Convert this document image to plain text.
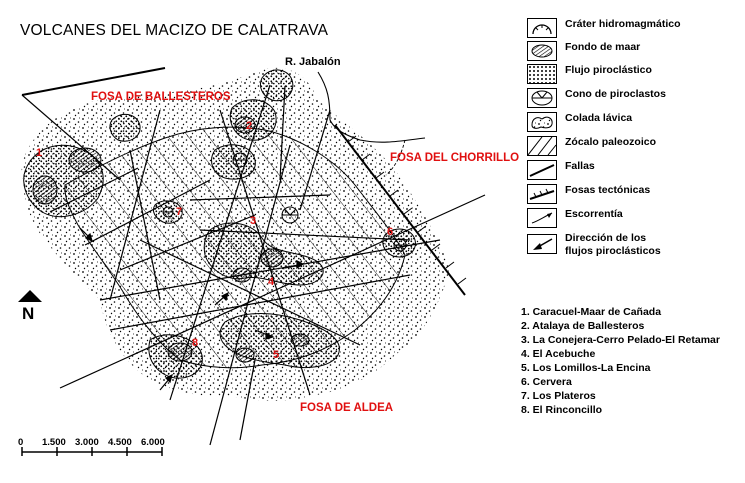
VOLCANES DEL MACIZO DE CALATRAVA
FOSA DE BALLESTEROS
FOSA DEL CHORRILLO
FOSA DE ALDEA
R. Jabalón
1
2
3
4
5
6
7
8
N
Cráter hidromagmático
Fondo de maar
Flujo piroclástico
Cono de piroclastos
Colada lávica
Zócalo paleozoico
Fallas
Fosas tectónicas
Escorrentía
Dirección de los
flujos piroclásticos
1. Caracuel-Maar de Cañada
2. Atalaya de Ballesteros
3. La Conejera-Cerro Pelado-El Retamar
4. El Acebuche
5. Los Lomillos-La Encina
6. Cervera
7. Los Plateros
8. El Rinconcillo
0 1.500 3.000 4.500 6.000
